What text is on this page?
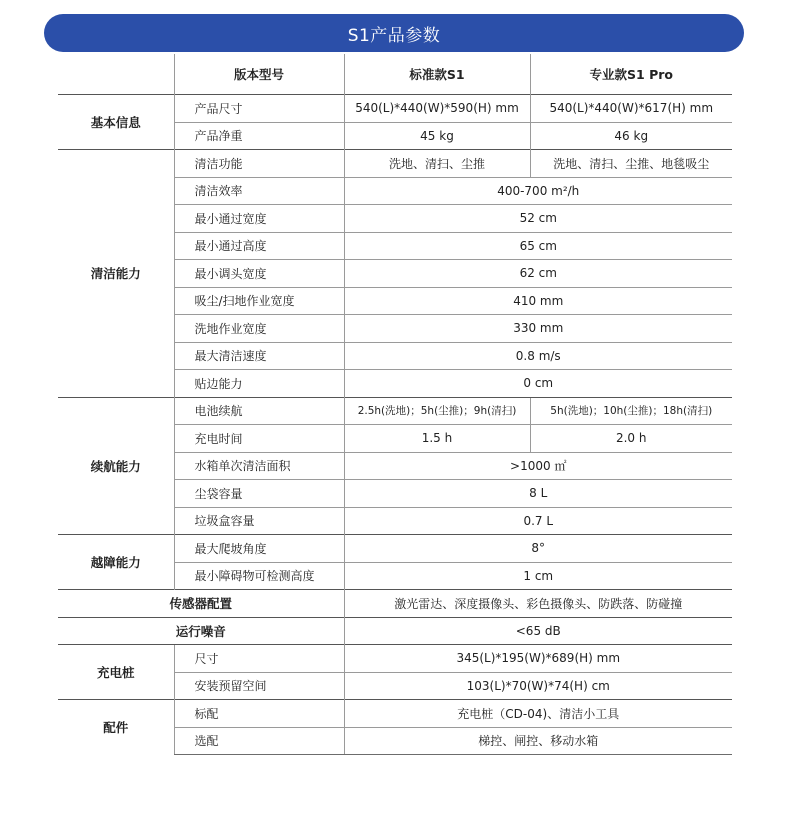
S1产品参数
	版本型号	标准款S1	专业款S1 Pro
基本信息	产品尺寸	540(L)*440(W)*590(H) mm	540(L)*440(W)*617(H) mm
	产品净重	45 kg	46 kg
清洁能力	清洁功能	洗地、清扫、尘推	洗地、清扫、尘推、地毯吸尘
	清洁效率	400-700 m²/h	
	最小通过宽度	52 cm	
	最小通过高度	65 cm	
	最小调头宽度	62 cm	
	吸尘/扫地作业宽度	410 mm	
	洗地作业宽度	330 mm	
	最大清洁速度	0.8 m/s	
	贴边能力	0 cm	
续航能力	电池续航	2.5h(洗地)；5h(尘推)；9h(清扫)	5h(洗地)；10h(尘推)；18h(清扫)
	充电时间	1.5 h	2.0 h
	水箱单次清洁面积	>1000 ㎡	
	尘袋容量	8 L	
	垃圾盒容量	0.7 L	
越障能力	最大爬坡角度	8°	
	最小障碍物可检测高度	1 cm	
传感器配置		激光雷达、深度摄像头、彩色摄像头、防跌落、防碰撞	
运行噪音		<65 dB	
充电桩	尺寸	345(L)*195(W)*689(H) mm	
	安装预留空间	103(L)*70(W)*74(H) cm	
配件	标配	充电桩（CD-04)、清洁小工具	
	选配	梯控、闸控、移动水箱	
